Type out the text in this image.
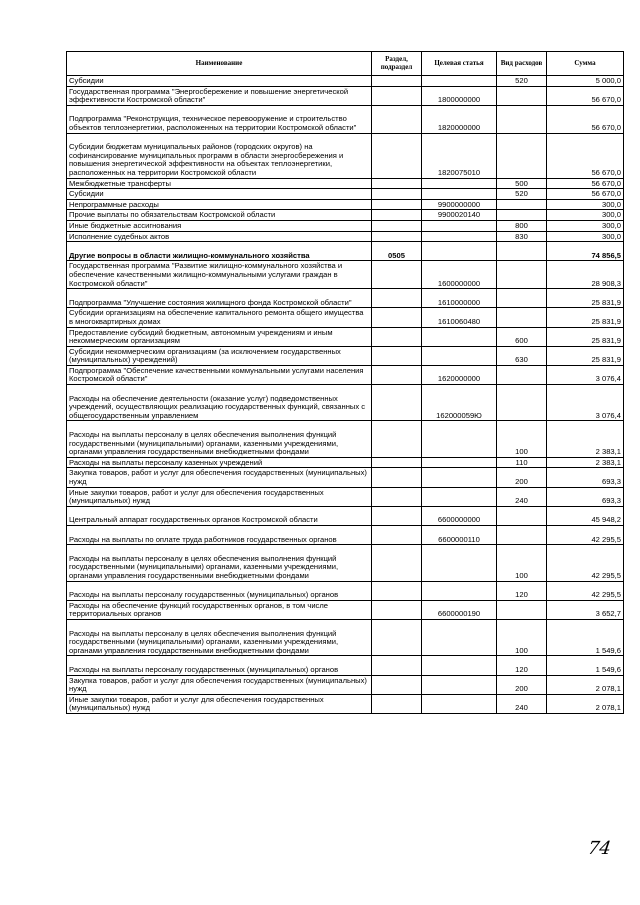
Наименование	Раздел, подраздел	Целевая статья	Вид расходов	Сумма
Субсидии			520	5 000,0
Государственная программа "Энергосбережение и повышение энергетической эффективности Костромской области"		1800000000		56 670,0
Подпрограмма "Реконструкция, техническое перевооружение и строительство объектов теплоэнергетики, расположенных на территории Костромской области"		1820000000		56 670,0
Субсидии бюджетам муниципальных районов (городских округов) на софинансирование муниципальных программ в области энергосбережения и повышения энергетической эффективности на объектах теплоэнергетики, расположенных на территории Костромской области		1820075010		56 670,0
Межбюджетные трансферты			500	56 670,0
Субсидии			520	56 670,0
Непрограммные расходы		9900000000		300,0
Прочие выплаты по обязательствам Костромской области		9900020140		300,0
Иные бюджетные ассигнования			800	300,0
Исполнение судебных актов			830	300,0
Другие вопросы в области жилищно-коммунального хозяйства	0505			74 856,5
Государственная программа "Развитие жилищно-коммунального хозяйства и обеспечение качественными жилищно-коммунальными услугами граждан в Костромской области"		1600000000		28 908,3
Подпрограмма "Улучшение состояния жилищного фонда Костромской области"		1610000000		25 831,9
Субсидии организациям на обеспечение капитального ремонта общего имущества в многоквартирных домах		1610060480		25 831,9
Предоставление субсидий бюджетным, автономным учреждениям и иным некоммерческим организациям			600	25 831,9
Субсидии некоммерческим организациям (за исключением государственных (муниципальных) учреждений)			630	25 831,9
Подпрограмма "Обеспечение качественными коммунальными услугами населения Костромской области"		1620000000		3 076,4
Расходы на обеспечение деятельности (оказание услуг) подведомственных учреждений, осуществляющих реализацию государственных функций, связанных с общегосударственным управлением		162000059Ю		3 076,4
Расходы на выплаты персоналу в целях обеспечения выполнения функций государственными (муниципальными) органами, казенными учреждениями, органами управления государственными внебюджетными фондами			100	2 383,1
Расходы на выплаты персоналу казенных учреждений			110	2 383,1
Закупка товаров, работ и услуг для обеспечения государственных (муниципальных) нужд			200	693,3
Иные закупки товаров, работ и услуг для обеспечения государственных (муниципальных) нужд			240	693,3
Центральный аппарат государственных органов Костромской области		6600000000		45 948,2
Расходы на выплаты по оплате труда работников государственных органов		6600000110		42 295,5
Расходы на выплаты персоналу в целях обеспечения выполнения функций государственными (муниципальными) органами, казенными учреждениями, органами управления государственными внебюджетными фондами			100	42 295,5
Расходы на выплаты персоналу государственных (муниципальных) органов			120	42 295,5
Расходы на обеспечение функций государственных органов, в том числе территориальных органов		6600000190		3 652,7
Расходы на выплаты персоналу в целях обеспечения выполнения функций государственными (муниципальными) органами, казенными учреждениями, органами управления государственными внебюджетными фондами			100	1 549,6
Расходы на выплаты персоналу государственных (муниципальных) органов			120	1 549,6
Закупка товаров, работ и услуг для обеспечения государственных (муниципальных) нужд			200	2 078,1
Иные закупки товаров, работ и услуг для обеспечения государственных (муниципальных) нужд			240	2 078,1
74
